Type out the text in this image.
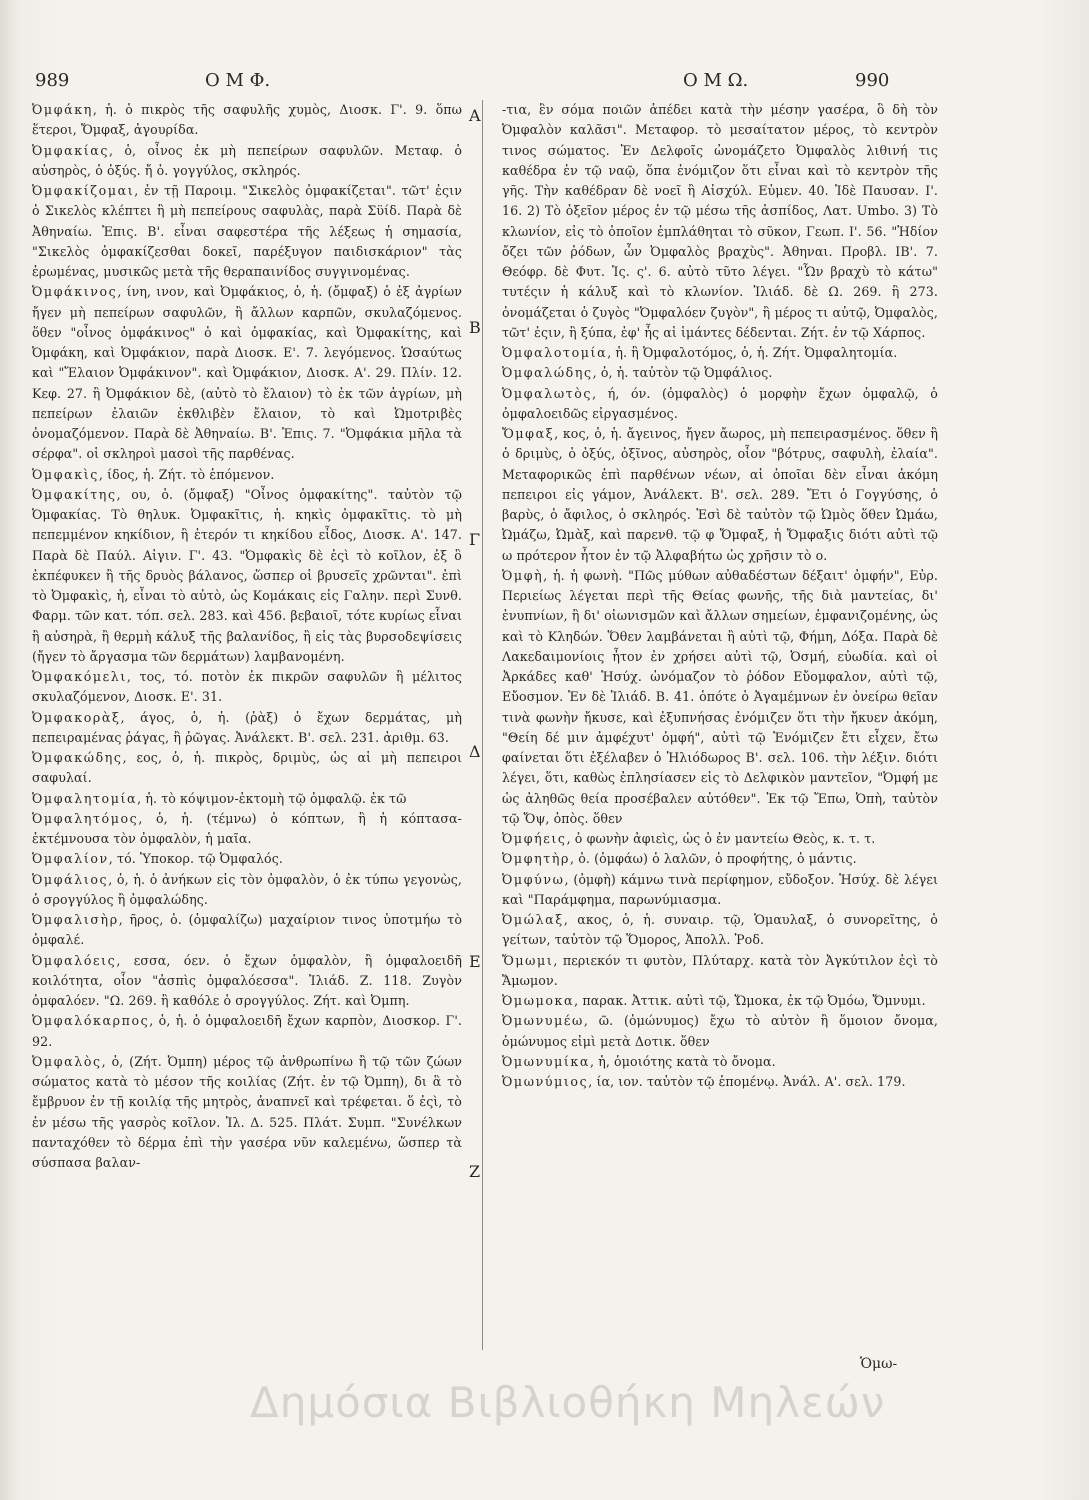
989	Ο Μ Φ.	Ο Μ Ω.	990
Α
Β
Γ
Δ
Ε
Ζ

Ὀμφάκη, ἡ. ὁ πικρὸς τῆς σαφυλῆς χυμὸς, Διοσκ. Γ'. 9. ὅπω ἕτεροι, Ὄμφαξ, ἀγουρίδα.

Ὀμφακίας, ὁ, οἶνος ἐκ μὴ πεπείρων σαφυλῶν. Μεταφ. ὁ αὐσηρὸς, ὁ ὀξύς. ἤ ὁ. γογγύλος, σκληρός.

Ὀμφακίζομαι, ἐν τῇ Παροιμ. "Σικελὸς ὀμφακίζεται". τῶτ' ἐςιν ὁ Σικελὸς κλέπτει ἢ μὴ πεπείρους σαφυλὰς, παρὰ Σϋίδ. Παρὰ δὲ Ἀθηναίω. Ἐπις. Β'. εἶναι σαφεστέρα τῆς λέξεως ἡ σημασία, "Σικελὸς ὀμφακίζεσθαι δοκεῖ, παρέξυγον παιδισκάριον" τὰς ἐρωμένας, μυσικῶς μετὰ τῆς θεραπαινίδος συγγινομένας.

Ὀμφάκινος, ίνη, ινον, καὶ Ὀμφάκιος, ὁ, ἡ. (ὄμφαξ) ὁ ἐξ ἀγρίων ἤγεν μὴ πεπείρων σαφυλῶν, ἢ ἄλλων καρπῶν, σκυλαζόμενος. ὅθεν "οἶνος ὀμφάκινος" ὁ καὶ ὀμφακίας, καὶ Ὀμφακίτης, καὶ Ὀμφάκη, καὶ Ὀμφάκιον, παρὰ Διοσκ. Ε'. 7. λεγόμενος. Ὡσαύτως καὶ "Ἔλαιον Ὀμφάκινον". καὶ Ὀμφάκιον, Διοσκ. Α'. 29. Πλίν. 12. Κεφ. 27. ἢ Ὀμφάκιον δὲ, (αὐτὸ τὸ ἔλαιον) τὸ ἐκ τῶν ἀγρίων, μὴ πεπείρων ἐλαιῶν ἐκθλιβὲν ἔλαιον, τὸ καὶ Ὠμοτριβὲς ὀνομαζόμενον. Παρὰ δὲ Ἀθηναίω. Β'. Ἐπις. 7. "Ὀμφάκια μῆλα τὰ σέρφα". οἱ σκληροὶ μασοὶ τῆς παρθένας.

Ὀμφακὶς, ίδος, ἡ. Ζήτ. τὸ ἑπόμενον.

Ὀμφακίτης, ου, ὁ. (ὄμφαξ) "Οἶνος ὀμφακίτης". ταὐτὸν τῷ Ὀμφακίας. Τὸ θηλυκ. Ὀμφακῖτις, ἡ. κηκὶς ὀμφακῖτις. τὸ μὴ πεπεμμένον κηκίδιον, ἢ ἑτερόν τι κηκίδου εἶδος, Διοσκ. Α'. 147. Παρὰ δὲ Παύλ. Αἰγιν. Γ'. 43. "Ὀμφακὶς δὲ ἐςὶ τὸ κοῖλον, ἐξ ὃ ἐκπέφυκεν ἢ τῆς δρυὸς βάλανος, ὥσπερ οἱ βρυσεῖς χρῶνται". ἐπὶ τὸ Ὀμφακὶς, ἡ, εἶναι τὸ αὐτὸ, ὡς Κομάκαις εἰς Γαλην. περὶ Συνθ. Φαρμ. τῶν κατ. τόπ. σελ. 283. καὶ 456. βεβαιοῖ, τότε κυρίως εἶναι ἢ αὐσηρὰ, ἢ θερμὴ κάλυξ τῆς βαλανίδος, ἢ εἰς τὰς βυρσοδεψίσεις (ἤγεν τὸ ἄργασμα τῶν δερμάτων) λαμβανομένη.

Ὀμφακόμελι, τος, τό. ποτὸν ἐκ πικρῶν σαφυλῶν ἢ μέλιτος σκυλαζόμενον, Διοσκ. Ε'. 31.

Ὀμφακορὰξ, άγος, ὁ, ἡ. (ῥὰξ) ὁ ἔχων δερμάτας, μὴ πεπειραμένας ῥάγας, ἢ ῥῶγας. Ἀνάλεκτ. Β'. σελ. 231. ἀριθμ. 63.

Ὀμφακώδης, εος, ὁ, ἡ. πικρὸς, δριμὺς, ὡς αἱ μὴ πεπειροι σαφυλαί.

Ὀμφαλητομία, ἡ. τὸ κόψιμον-ἐκτομὴ τῷ ὀμφαλῷ. ἐκ τῶ

Ὀμφαλητόμος, ὁ, ἡ. (τέμνω) ὁ κόπτων, ἢ ἡ κόπτασα-ἐκτέμνουσα τὸν ὀμφαλὸν, ἡ μαῖα.

Ὀμφαλίον, τό. Ὑποκορ. τῷ Ὀμφαλός.

Ὀμφάλιος, ὁ, ἡ. ὁ ἀνήκων εἰς τὸν ὀμφαλὸν, ὁ ἐκ τύπω γεγονὼς, ὁ σρογγύλος ἢ ὀμφαλώδης.

Ὀμφαλισὴρ, ῆρος, ὁ. (ὀμφαλίζω) μαχαίριον τινος ὑποτμήω τὸ ὀμφαλέ.

Ὀμφαλόεις, εσσα, όεν. ὁ ἔχων ὀμφαλὸν, ἢ ὀμφαλοειδῆ κοιλότητα, οἷον "ἀσπὶς ὀμφαλόεσσα". Ἰλιάδ. Ζ. 118. Ζυγὸν ὀμφαλόεν. "Ω. 269. ἢ καθόλε ὁ σρογγύλος. Ζήτ. καὶ Ὀμπη.

Ὀμφαλόκαρπος, ὁ, ἡ. ὁ ὀμφαλοειδῆ ἔχων καρπὸν, Διοσκορ. Γ'. 92.

Ὀμφαλὸς, ὁ, (Ζήτ. Ὀμπη) μέρος τῷ ἀνθρωπίνω ἢ τῷ τῶν ζώων σώματος κατὰ τὸ μέσον τῆς κοιλίας (Ζήτ. ἐν τῷ Ὀμπη), δι ἃ τὸ ἔμβρυον ἐν τῇ κοιλίᾳ τῆς μητρὸς, ἀναπνεῖ καὶ τρέφεται. ὅ ἐςὶ, τὸ ἐν μέσω τῆς γασρὸς κοῖλον. Ἰλ. Δ. 525. Πλάτ. Συμπ. "Συνέλκων πανταχόθεν τὸ δέρμα ἐπὶ τὴν γασέρα νῦν καλεμένω, ὥσπερ τὰ σύσπασα βαλαν-

-τια, ἓν σόμα ποιῶν ἀπέδει κατὰ τὴν μέσην γασέρα, ὃ δὴ τὸν Ὀμφαλὸν καλᾶσι". Μεταφορ. τὸ μεσαίτατον μέρος, τὸ κεντρὸν τινος σώματος. Ἐν Δελφοῖς ὠνομάζετο Ὀμφαλὸς λιθινή τις καθέδρα ἐν τῷ ναῷ, ὅπα ἐνόμιζον ὅτι εἶναι καὶ τὸ κεντρὸν τῆς γῆς. Τὴν καθέδραν δὲ νοεῖ ἢ Αἰσχύλ. Εὐμεν. 40. Ἰδὲ Παυσαν. Ι'. 16. 2) Τὸ ὀξεῖον μέρος ἐν τῷ μέσω τῆς ἀσπίδος, Λατ. Umbo. 3) Τὸ κλωνίον, εἰς τὸ ὁποῖον ἐμπλάθηται τὸ σῦκον, Γεωπ. Ι'. 56. "Ἡδίον ὄζει τῶν ῥόδων, ὧν Ὀμφαλὸς βραχὺς". Ἀθηναι. Προβλ. ΙΒ'. 7. Θεόφρ. δὲ Φυτ. Ἱς. ς'. 6. αὐτὸ τῦτο λέγει. "Ὧν βραχὺ τὸ κάτω" τυτέςιν ἡ κάλυξ καὶ τὸ κλωνίον. Ἰλιάδ. δὲ Ω. 269. ἢ 273. ὀνομάζεται ὁ ζυγὸς "Ὀμφαλόεν ζυγὸν", ἢ μέρος τι αὐτῷ, Ὀμφαλὸς, τῶτ' ἐςιν, ἢ ξύπα, ἐφ' ἧς αἱ ἱμάντες δέδενται. Ζήτ. ἐν τῷ Χάρπος.

Ὀμφαλοτομία, ἡ. ἢ Ὀμφαλοτόμος, ὁ, ἡ. Ζήτ. Ὀμφαλητομία.

Ὀμφαλώδης, ὁ, ἡ. ταὐτὸν τῷ Ὀμφάλιος.

Ὀμφαλωτὸς, ή, όν. (ὀμφαλὸς) ὁ μορφὴν ἔχων ὀμφαλῷ, ὁ ὀμφαλοειδῶς εἰργασμένος.

Ὄμφαξ, κος, ὁ, ἡ. ἄγεινος, ἤγεν ἄωρος, μὴ πεπειρασμένος. ὅθεν ἢ ὁ δριμὺς, ὁ ὀξύς, ὀξῖνος, αὐσηρὸς, οἷον "βότρυς, σαφυλὴ, ἐλαία". Μεταφορικῶς ἐπὶ παρθένων νέων, αἱ ὁποῖαι δὲν εἶναι ἀκόμη πεπειροι εἰς γάμον, Ἀνάλεκτ. Β'. σελ. 289. Ἔτι ὁ Γογγύσης, ὁ βαρὺς, ὁ ἄφιλος, ὁ σκληρός. Ἐσὶ δὲ ταὐτὸν τῷ Ὠμὸς ὅθεν Ὠμάω, Ὠμάζω, Ὠμὰξ, καὶ παρενθ. τῷ φ Ὄμφαξ, ἡ Ὄμφαξις διότι αὐτὶ τῷ ω πρότερον ἦτον ἐν τῷ Ἀλφαβήτω ὡς χρῆσιν τὸ ο.

Ὀμφὴ, ἡ. ἡ φωνὴ. "Πῶς μύθων αὐθαδέστων δέξαιτ' ὀμφήν", Εὐρ. Περιείως λέγεται περὶ τῆς Θείας φωνῆς, τῆς διὰ μαντείας, δι' ἐνυπνίων, ἢ δι' οἰωνισμῶν καὶ ἄλλων σημείων, ἐμφανιζομένης, ὡς καὶ τὸ Κληδών. Ὅθεν λαμβάνεται ἢ αὐτὶ τῷ, Φήμη, Δόξα. Παρὰ δὲ Λακεδαιμονίοις ἦτον ἐν χρήσει αὐτὶ τῷ, Ὀσμή, εὐωδία. καὶ οἱ Ἀρκάδες καθ' Ἡσύχ. ὠνόμαζον τὸ ῥόδον Εὔομφαλον, αὐτὶ τῷ, Εὔοσμον. Ἐν δὲ Ἰλιάδ. Β. 41. ὁπότε ὁ Ἀγαμέμνων ἐν ὀνείρω θεῖαν τινὰ φωνὴν ἤκυσε, καὶ ἐξυπνήσας ἐνόμιζεν ὅτι τὴν ἤκυεν ἀκόμη, "Θείη δέ μιν ἀμφέχυτ' ὀμφή", αὐτὶ τῷ Ἐνόμιζεν ἔτι εἶχεν, ἔτω φαίνεται ὅτι ἐξέλαβεν ὁ Ἡλιόδωρος Β'. σελ. 106. τὴν λέξιν. διότι λέγει, ὅτι, καθὼς ἐπλησίασεν εἰς τὸ Δελφικὸν μαντεῖον, "Ὀμφή με ὡς ἀληθῶς θεία προσέβαλεν αὐτόθεν". Ἐκ τῷ Ἔπω, Ὀπὴ, ταὐτὸν τῷ Ὄψ, ὀπὸς. ὅθεν

Ὀμφήεις, ὁ φωνὴν ἀφιεὶς, ὡς ὁ ἐν μαντείω Θεὸς, κ. τ. τ.

Ὀμφητὴρ, ὁ. (ὀμφάω) ὁ λαλῶν, ὁ προφήτης, ὁ μάντις.

Ὀμφύνω, (ὀμφὴ) κάμνω τινὰ περίφημον, εὔδοξον. Ἡσύχ. δὲ λέγει καὶ "Παράμφημα, παρωνύμιασμα.

Ὀμώλαξ, ακος, ὁ, ἡ. συναιρ. τῷ, Ὁμαυλαξ, ὁ συνορεῖτης, ὁ γείτων, ταὐτὸν τῷ Ὅμορος, Ἀπολλ. Ῥοδ.

Ὄμωμι, περιεκόν τι φυτὸν, Πλύταρχ. κατὰ τὸν Ἀγκύτιλον ἐςὶ τὸ Ἄμωμον.

Ὀμωμοκα, παρακ. Ἀττικ. αὐτὶ τῷ, Ὤμοκα, ἐκ τῷ Ὀμόω, Ὄμνυμι.

Ὀμωνυμέω, ῶ. (ὁμώνυμος) ἔχω τὸ αὐτὸν ἢ ὅμοιον ὄνομα, ὁμώνυμος εἰμὶ μετὰ Δοτικ. ὅθεν

Ὀμωνυμίκα, ἡ, ὁμοιότης κατὰ τὸ ὄνομα.

Ὀμωνύμιος, ία, ιον. ταὐτὸν τῷ ἑπομένῳ. Ἀνάλ. Α'. σελ. 179.

Ὁμω-
Δημόσια Βιβλιοθήκη Μηλεών
